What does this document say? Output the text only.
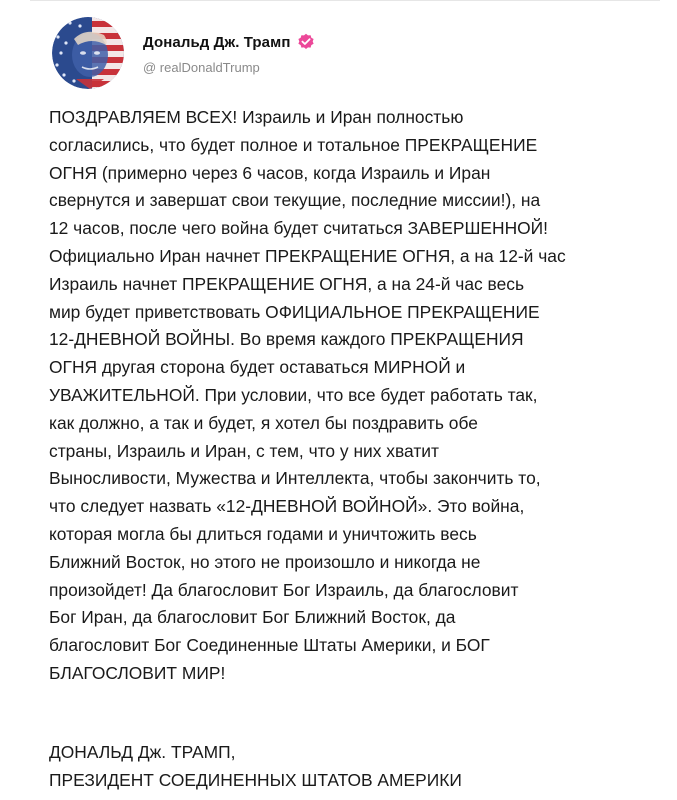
Дональд Дж. Трамп
@ realDonaldTrump
ПОЗДРАВЛЯЕМ ВСЕХ! Израиль и Иран полностью
согласились, что будет полное и тотальное ПРЕКРАЩЕНИЕ
ОГНЯ (примерно через 6 часов, когда Израиль и Иран
свернутся и завершат свои текущие, последние миссии!), на
12 часов, после чего война будет считаться ЗАВЕРШЕННОЙ!
Официально Иран начнет ПРЕКРАЩЕНИЕ ОГНЯ, а на 12-й час
Израиль начнет ПРЕКРАЩЕНИЕ ОГНЯ, а на 24-й час весь
мир будет приветствовать ОФИЦИАЛЬНОЕ ПРЕКРАЩЕНИЕ
12-ДНЕВНОЙ ВОЙНЫ. Во время каждого ПРЕКРАЩЕНИЯ
ОГНЯ другая сторона будет оставаться МИРНОЙ и
УВАЖИТЕЛЬНОЙ. При условии, что все будет работать так,
как должно, а так и будет, я хотел бы поздравить обе
страны, Израиль и Иран, с тем, что у них хватит
Выносливости, Мужества и Интеллекта, чтобы закончить то,
что следует назвать «12-ДНЕВНОЙ ВОЙНОЙ». Это война,
которая могла бы длиться годами и уничтожить весь
Ближний Восток, но этого не произошло и никогда не
произойдет! Да благословит Бог Израиль, да благословит
Бог Иран, да благословит Бог Ближний Восток, да
благословит Бог Соединенные Штаты Америки, и БОГ
БЛАГОСЛОВИТ МИР!
ДОНАЛЬД Дж. ТРАМП,
ПРЕЗИДЕНТ СОЕДИНЕННЫХ ШТАТОВ АМЕРИКИ
